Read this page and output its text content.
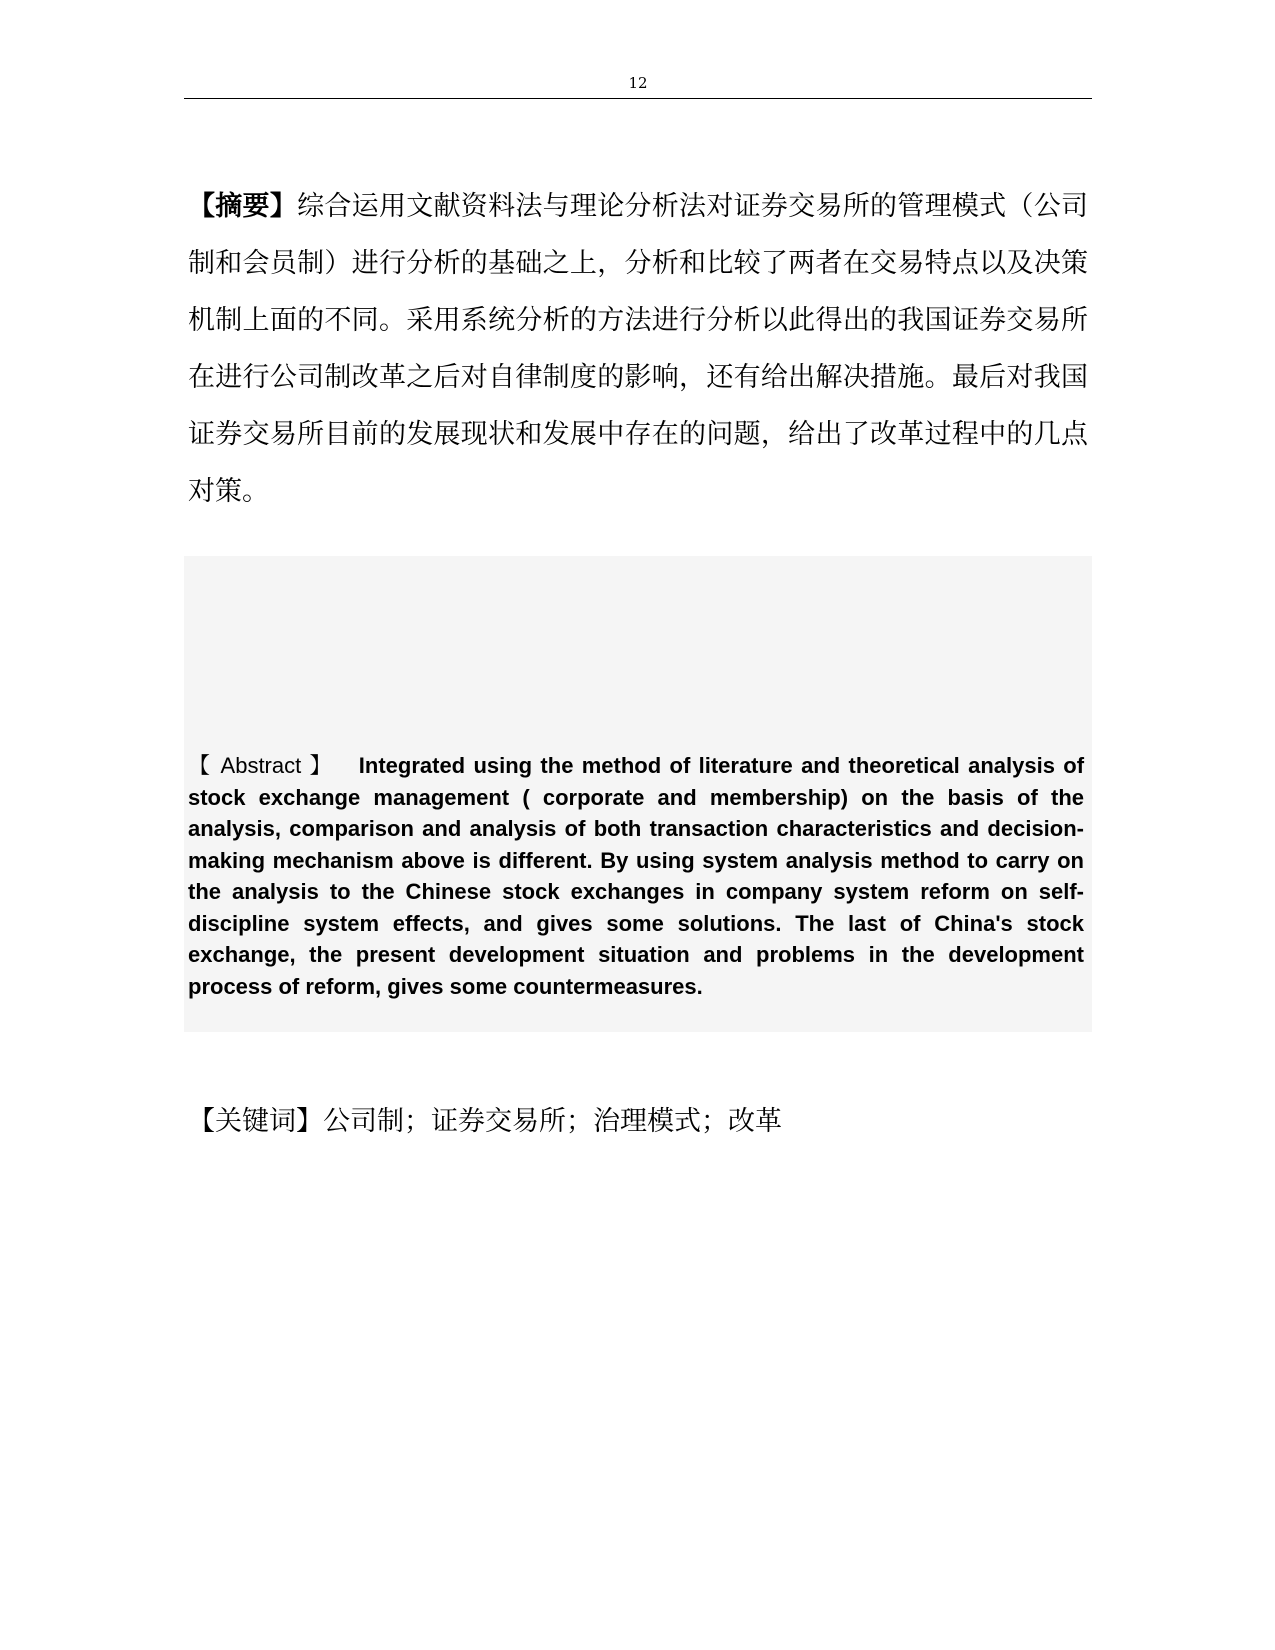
12

【摘要】综合运用文献资料法与理论分析法对证券交易所的管理模式（公司制和会员制）进行分析的基础之上，分析和比较了两者在交易特点以及决策机制上面的不同。采用系统分析的方法进行分析以此得出的我国证券交易所在进行公司制改革之后对自律制度的影响，还有给出解决措施。最后对我国证券交易所目前的发展现状和发展中存在的问题，给出了改革过程中的几点对策。

【 Abstract 】 Integrated using the method of literature and theoretical analysis of stock exchange management ( corporate and membership) on the basis of the analysis, comparison and analysis of both transaction characteristics and decision-making mechanism above is different. By using system analysis method to carry on the analysis to the Chinese stock exchanges in company system reform on self-discipline system effects, and gives some solutions. The last of China's stock exchange, the present development situation and problems in the development process of reform, gives some countermeasures.

【关键词】公司制；证券交易所；治理模式；改革
